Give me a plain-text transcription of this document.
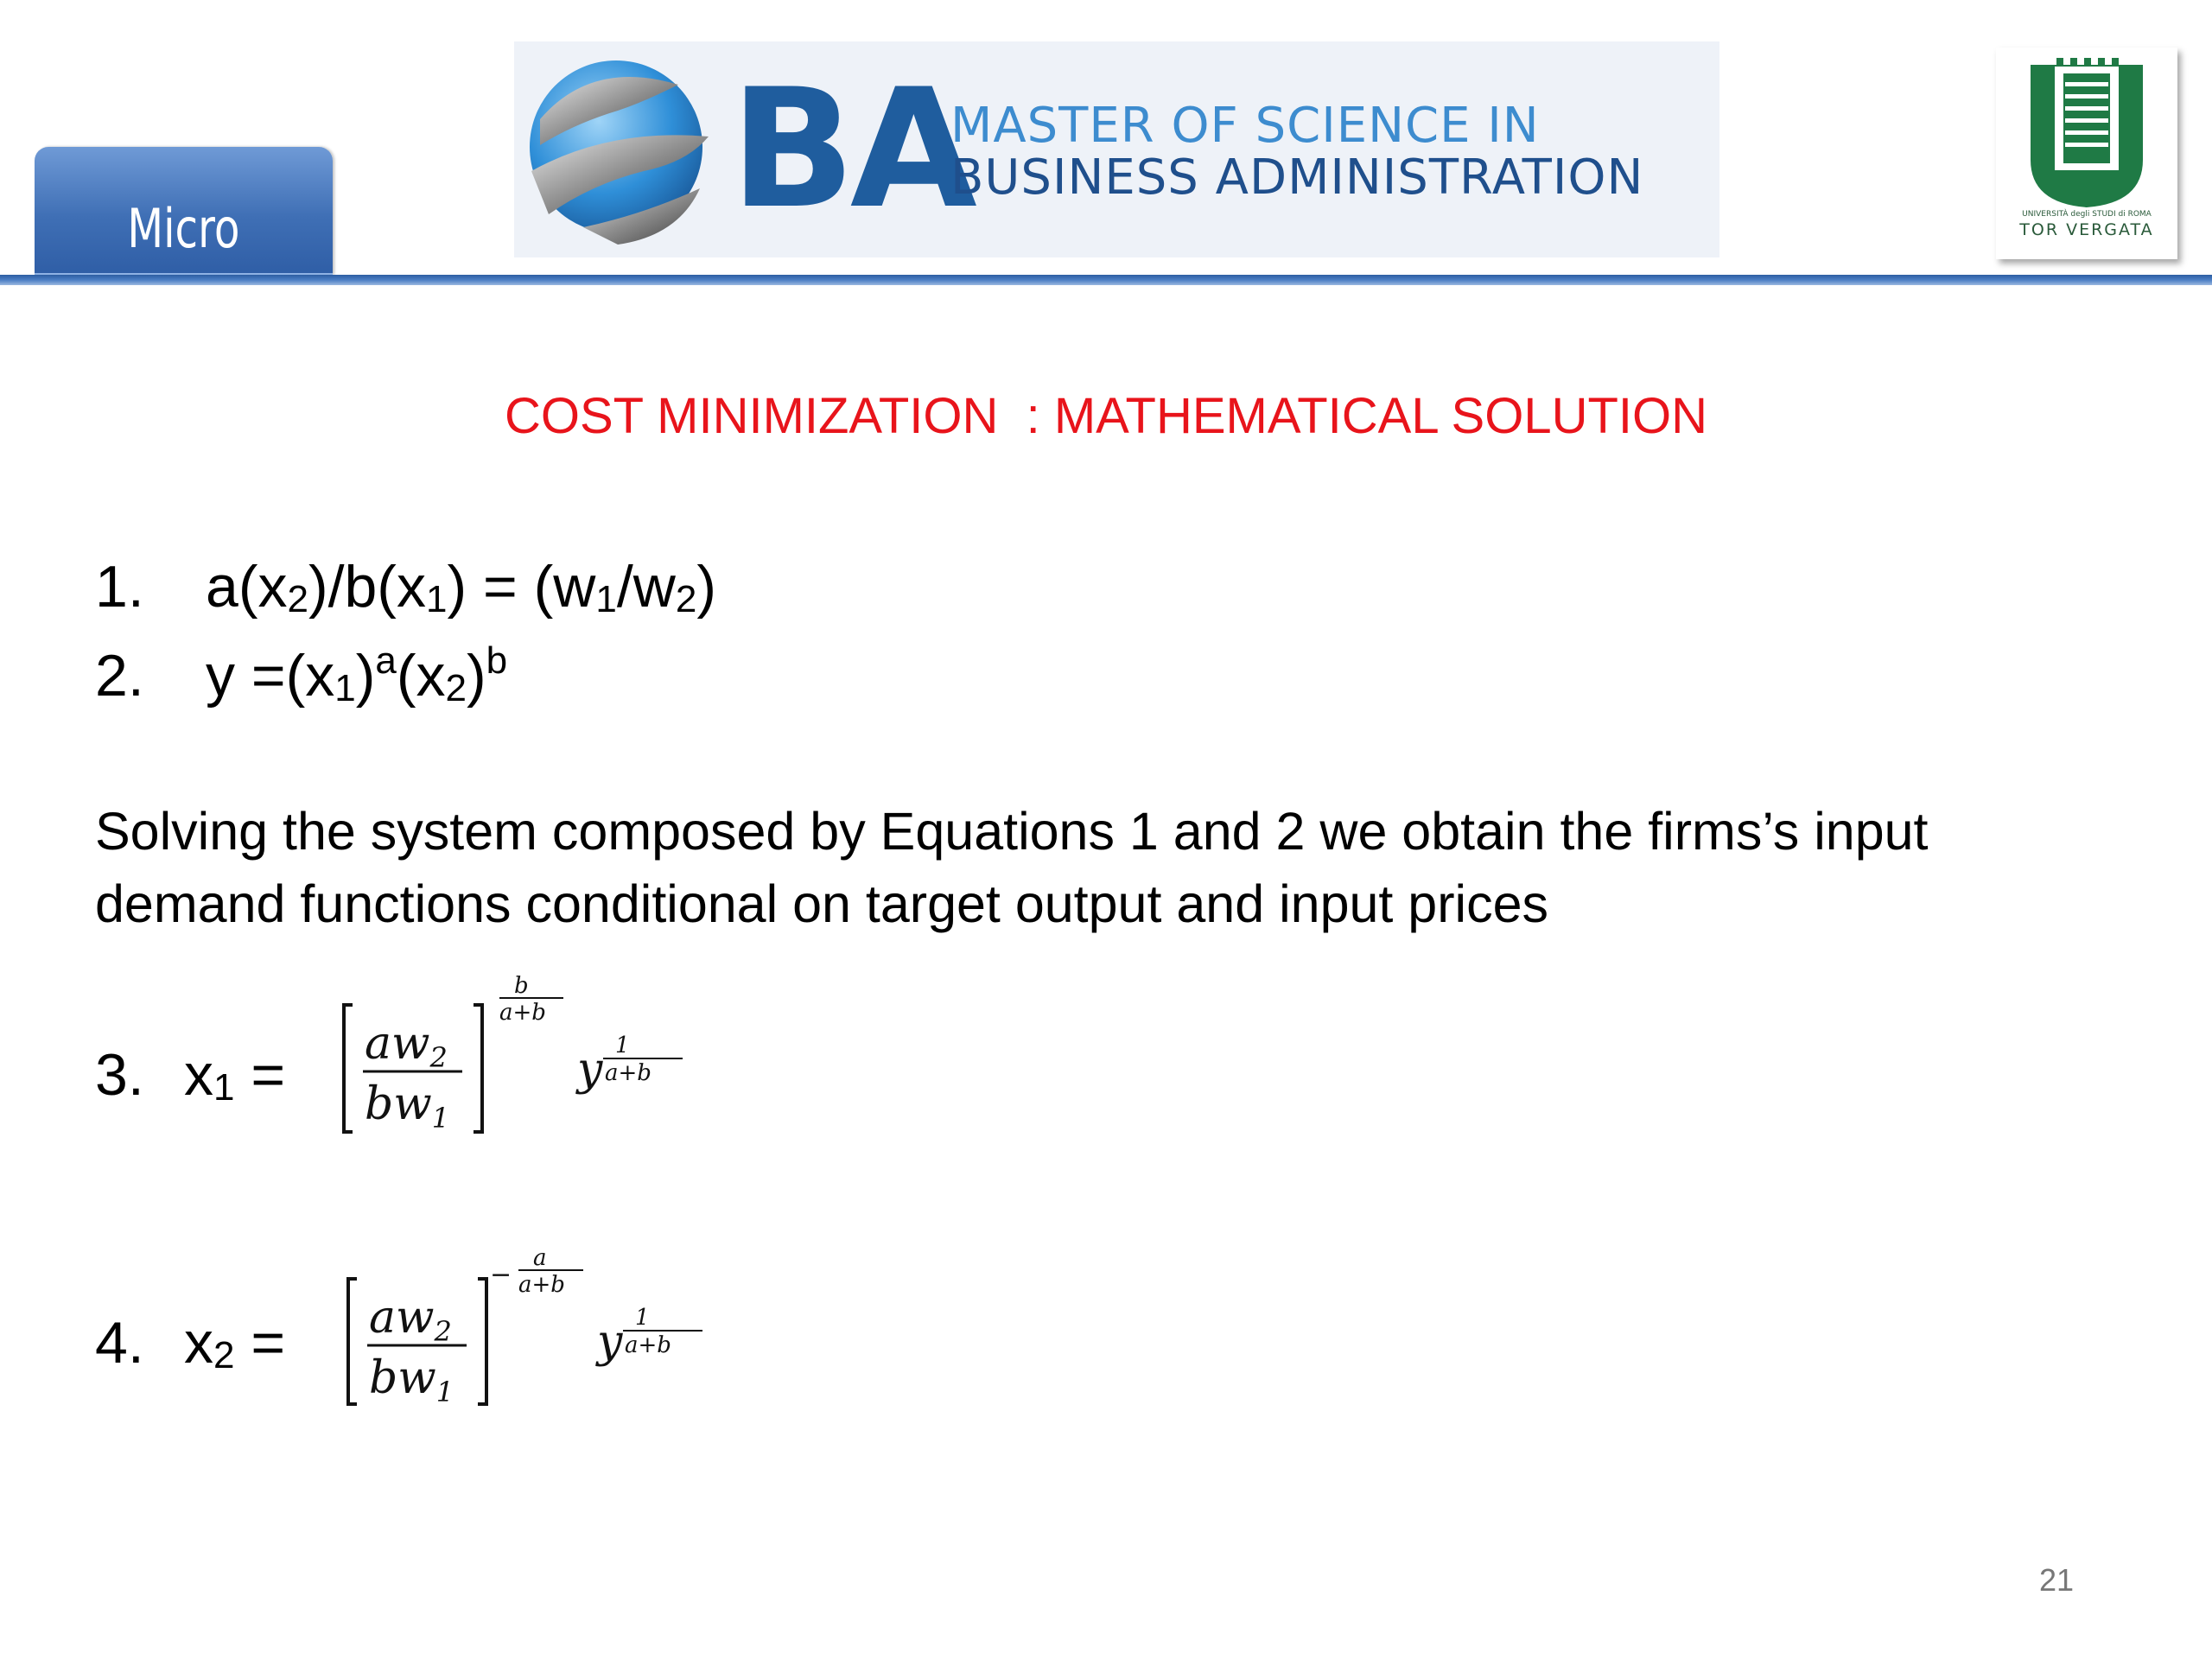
Micro	BA
MASTER OF SCIENCE IN
BUSINESS ADMINISTRATION
UNIVERSITÀ degli STUDI di ROMA
TOR VERGATA
COST MINIMIZATION  : MATHEMATICAL SOLUTION
1. a(x2)/b(x1) = (w1/w2)
2. $y =(x1)^a(x2)^b$
Solving the system composed by Equations 1 and 2 we obtain the firms’s input demand functions conditional on target output and input prices
3. x1 = aw2
bw1
b
a+b
y 1
a+b
4. x2 = aw2
bw1
−
a
a+b
y 1
a+b
21
